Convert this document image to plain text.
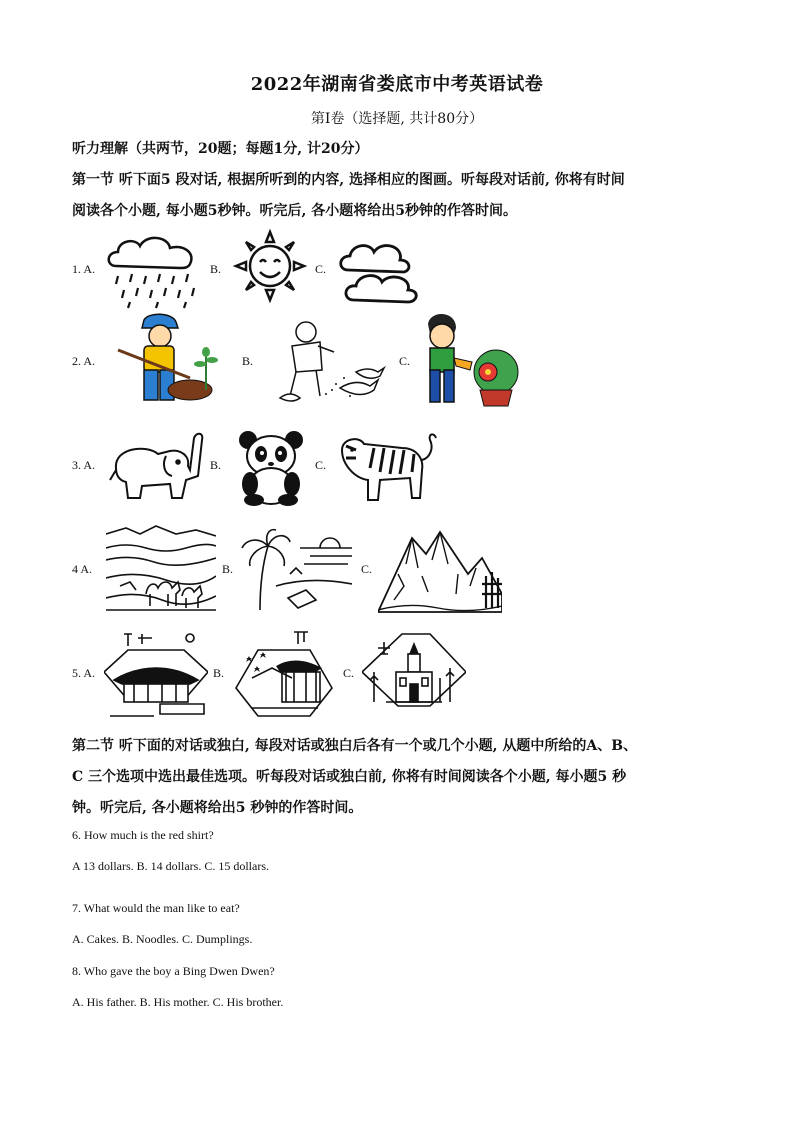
2022年湖南省娄底市中考英语试卷
第I卷（选择题, 共计80分）
听力理解（共两节，20题；每题1分, 计20分）
第一节 听下面5 段对话, 根据所听到的内容, 选择相应的图画。听每段对话前, 你将有时间
阅读各个小题, 每小题5秒钟。听完后, 各小题将给出5秒钟的作答时间。
1. A.	B.	C.
2. A.	B.	C.
3. A.	B.	C.
4 A.	B.	C.
5. A.	B.	C.
第二节 听下面的对话或独白, 每段对话或独白后各有一个或几个小题, 从题中所给的A、B、
C 三个选项中选出最佳选项。听每段对话或独白前, 你将有时间阅读各个小题, 每小题5 秒
钟。听完后, 各小题将给出5 秒钟的作答时间。
6. How much is the red shirt?
A 13 dollars. B. 14 dollars. C. 15 dollars.
7. What would the man like to eat?
A. Cakes. B. Noodles. C. Dumplings.
8. Who gave the boy a Bing Dwen Dwen?
A. His father. B. His mother. C. His brother.
